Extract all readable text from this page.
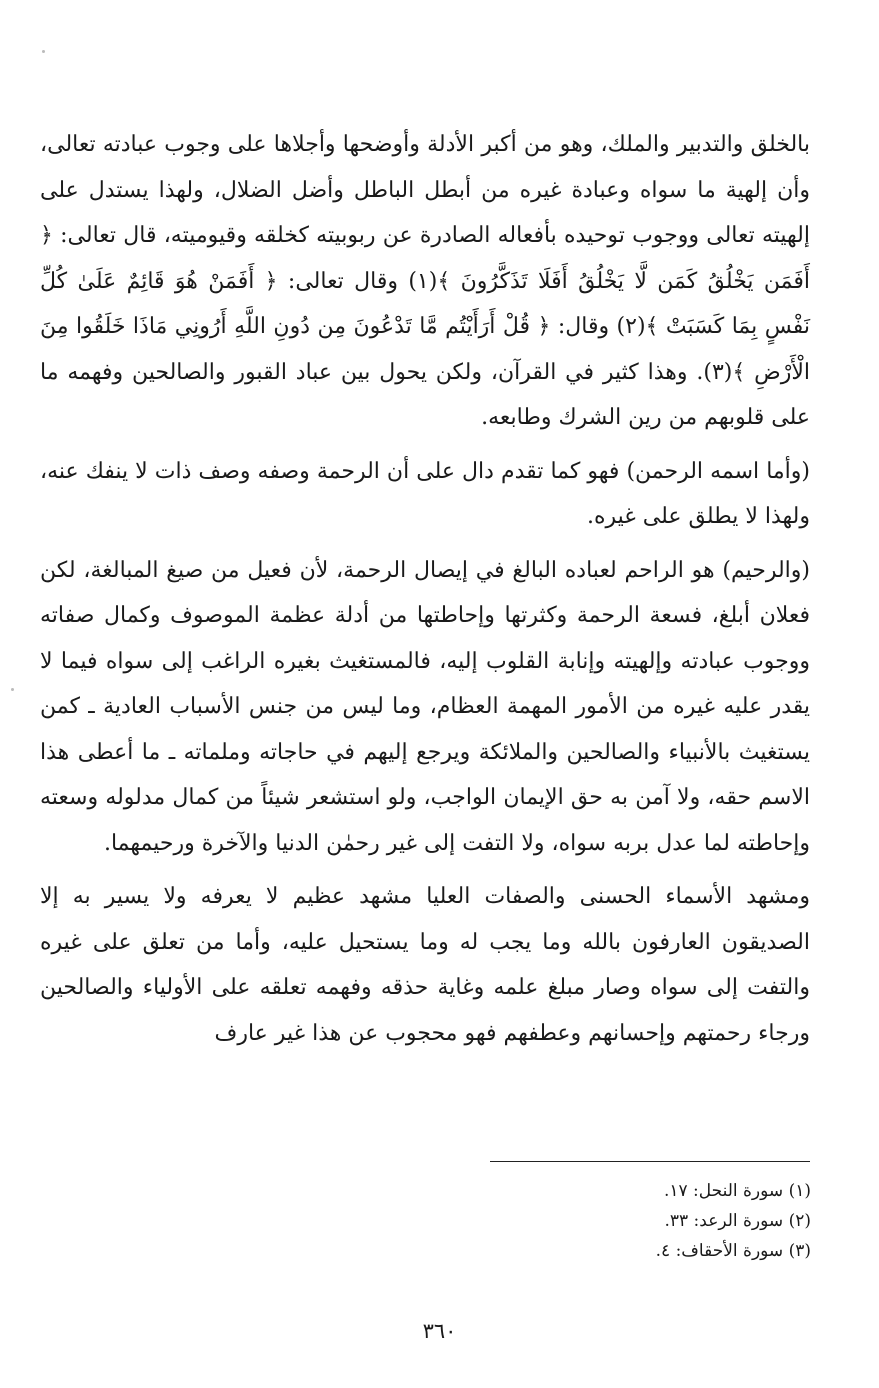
بالخلق والتدبير والملك، وهو من أكبر الأدلة وأوضحها وأجلاها على وجوب عبادته تعالى، وأن إلهية ما سواه وعبادة غيره من أبطل الباطل وأضل الضلال، ولهذا يستدل على إلهيته تعالى ووجوب توحيده بأفعاله الصادرة عن ربوبيته كخلقه وقيوميته، قال تعالى: ﴿ أَفَمَن يَخْلُقُ كَمَن لَّا يَخْلُقُ أَفَلَا تَذَكَّرُونَ ﴾(١) وقال تعالى: ﴿ أَفَمَنْ هُوَ قَائِمٌ عَلَىٰ كُلِّ نَفْسٍ بِمَا كَسَبَتْ ﴾(٢) وقال: ﴿ قُلْ أَرَأَيْتُم مَّا تَدْعُونَ مِن دُونِ اللَّهِ أَرُونِي مَاذَا خَلَقُوا مِنَ الْأَرْضِ ﴾(٣). وهذا كثير في القرآن، ولكن يحول بين عباد القبور والصالحين وفهمه ما على قلوبهم من رين الشرك وطابعه.

(وأما اسمه الرحمن) فهو كما تقدم دال على أن الرحمة وصفه وصف ذات لا ينفك عنه، ولهذا لا يطلق على غيره.

(والرحيم) هو الراحم لعباده البالغ في إيصال الرحمة، لأن فعيل من صيغ المبالغة، لكن فعلان أبلغ، فسعة الرحمة وكثرتها وإحاطتها من أدلة عظمة الموصوف وكمال صفاته ووجوب عبادته وإلهيته وإنابة القلوب إليه، فالمستغيث بغيره الراغب إلى سواه فيما لا يقدر عليه غيره من الأمور المهمة العظام، وما ليس من جنس الأسباب العادية ـ كمن يستغيث بالأنبياء والصالحين والملائكة ويرجع إليهم في حاجاته وملماته ـ ما أعطى هذا الاسم حقه، ولا آمن به حق الإيمان الواجب، ولو استشعر شيئاً من كمال مدلوله وسعته وإحاطته لما عدل بربه سواه، ولا التفت إلى غير رحمٰن الدنيا والآخرة ورحيمهما.

ومشهد الأسماء الحسنى والصفات العليا مشهد عظيم لا يعرفه ولا يسير به إلا الصديقون العارفون بالله وما يجب له وما يستحيل عليه، وأما من تعلق على غيره والتفت إلى سواه وصار مبلغ علمه وغاية حذقه وفهمه تعلقه على الأولياء والصالحين ورجاء رحمتهم وإحسانهم وعطفهم فهو محجوب عن هذا غير عارف

(١) سورة النحل: ١٧.

(٢) سورة الرعد: ٣٣.

(٣) سورة الأحقاف: ٤.

٣٦٠
